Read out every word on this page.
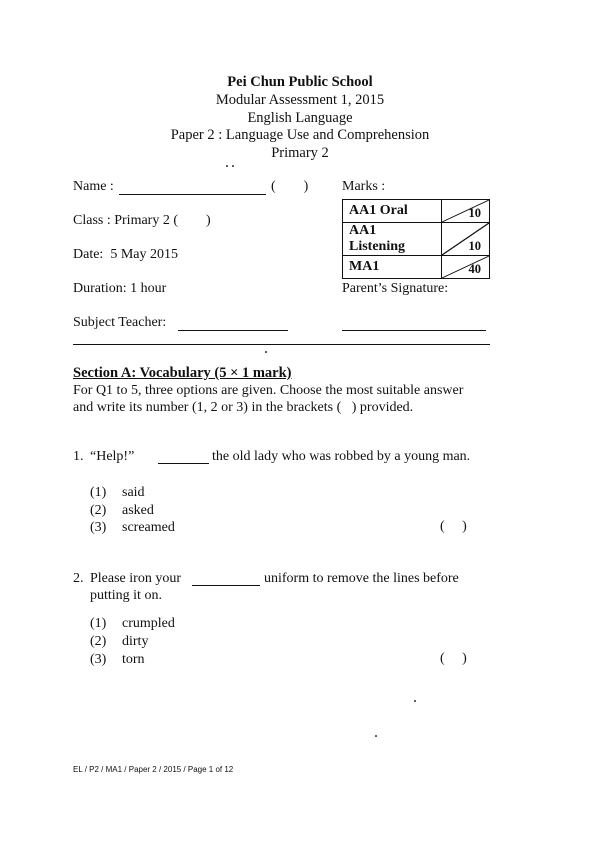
Pei Chun Public School
Modular Assessment 1, 2015
English Language
Paper 2 : Language Use and Comprehension
Primary 2
Name :	(        )
Class : Primary 2 (        )
Date:  5 May 2015
Duration: 1 hour
Subject Teacher:
Marks :
AA1 Oral	10

AA1 Listening	10

MA1	40
Parent’s Signature:
Section A: Vocabulary (5 × 1 mark)
For Q1 to 5, three options are given. Choose the most suitable answer
and write its number (1, 2 or 3) in the brackets (   ) provided.
1. “Help!”	the old lady who was robbed by a young man.
(1) said
(2) asked
(3) screamed	(     )
2. Please iron your	uniform to remove the lines before
putting it on.
(1) crumpled
(2) dirty
(3) torn	(     )
EL / P2 / MA1 / Paper 2 / 2015 / Page 1 of 12
